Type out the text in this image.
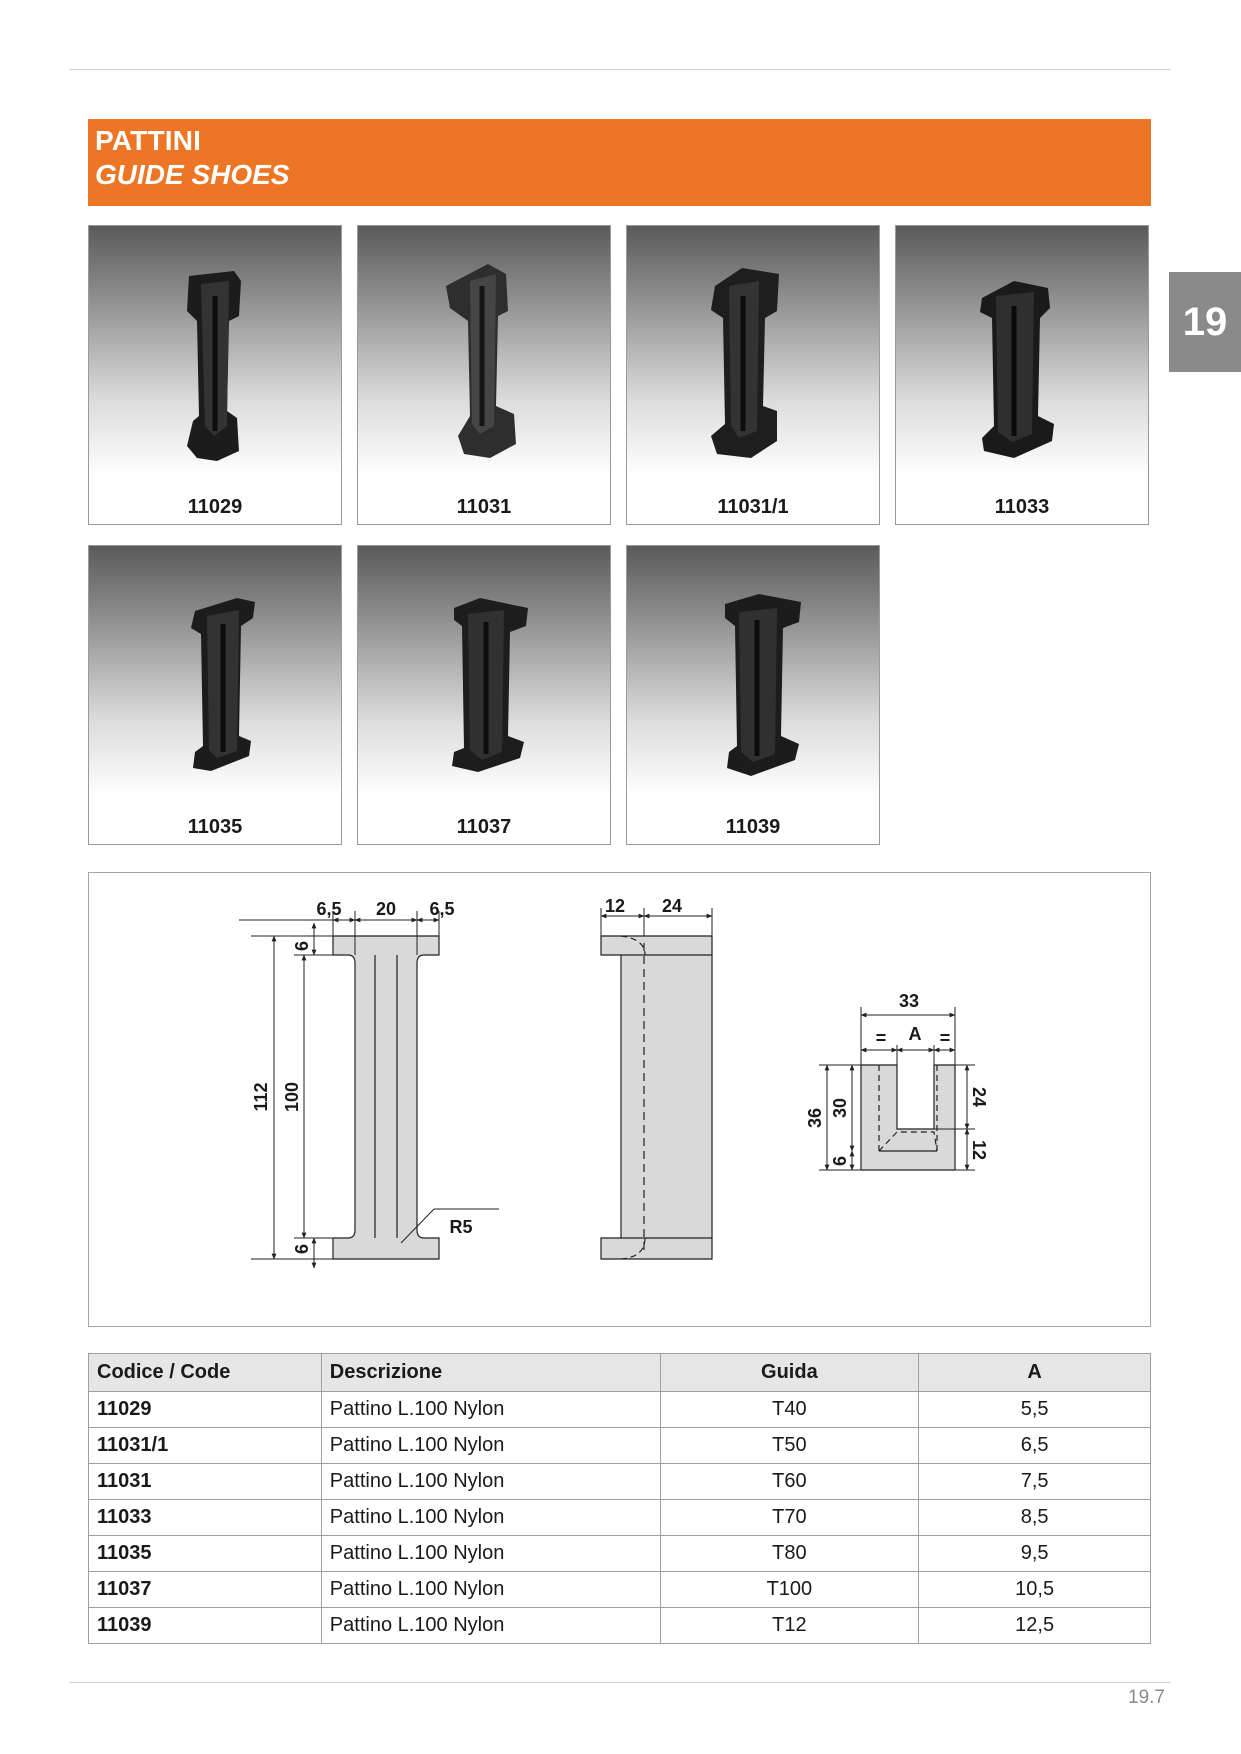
PATTINI
GUIDE SHOES
19
11029	11031	11031/1	11033
11035	11037	11039
6,5 20 6,5
112 100
6
6
R5
12 24
33
= A =
36 30
6
24
12
Codice / Code	Descrizione	Guida	A
11029	Pattino L.100 Nylon	T40	5,5
11031/1	Pattino L.100 Nylon	T50	6,5
11031	Pattino L.100 Nylon	T60	7,5
11033	Pattino L.100 Nylon	T70	8,5
11035	Pattino L.100 Nylon	T80	9,5
11037	Pattino L.100 Nylon	T100	10,5
11039	Pattino L.100 Nylon	T12	12,5
19.7
